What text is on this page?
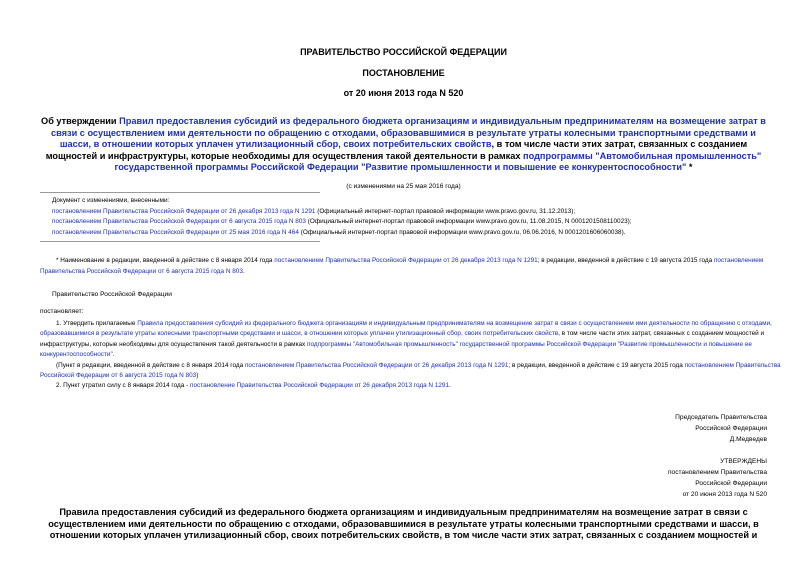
ПРАВИТЕЛЬСТВО РОССИЙСКОЙ ФЕДЕРАЦИИ
ПОСТАНОВЛЕНИЕ
от 20 июня 2013 года N 520
Об утверждении Правил предоставления субсидий из федерального бюджета организациям и индивидуальным предпринимателям на возмещение затрат в связи с осуществлением ими деятельности по обращению с отходами, образовавшимися в результате утраты колесными транспортными средствами и шасси, в отношении которых уплачен утилизационный сбор, своих потребительских свойств, в том числе части этих затрат, связанных с созданием мощностей и инфраструктуры, которые необходимы для осуществления такой деятельности в рамках подпрограммы "Автомобильная промышленность" государственной программы Российской Федерации "Развитие промышленности и повышение ее конкурентоспособности" *
(с изменениями на 25 мая 2016 года)
Документ с изменениями, внесенными:
постановлением Правительства Российской Федерации от 26 декабря 2013 года N 1291 (Официальный интернет-портал правовой информации www.pravo.gov.ru, 31.12.2013);
постановлением Правительства Российской Федерации от 6 августа 2015 года N 803 (Официальный интернет-портал правовой информации www.pravo.gov.ru, 11.08.2015, N 0001201508110023);
постановлением Правительства Российской Федерации от 25 мая 2016 года N 464 (Официальный интернет-портал правовой информации www.pravo.gov.ru, 06.06.2016, N 0001201606060038).
* Наименование в редакции, введенной в действие с 8 января 2014 года постановлением Правительства Российской Федерации от 26 декабря 2013 года N 1291; в редакции, введенной в действие с 19 августа 2015 года постановлением Правительства Российской Федерации от 6 августа 2015 года N 803.
Правительство Российской Федерации
постановляет:
1. Утвердить прилагаемые Правила предоставления субсидий из федерального бюджета организациям и индивидуальным предпринимателям на возмещение затрат в связи с осуществлением ими деятельности по обращению с отходами, образовавшимися в результате утраты колесными транспортными средствами и шасси, в отношении которых уплачен утилизационный сбор, своих потребительских свойств, в том числе части этих затрат, связанных с созданием мощностей и инфраструктуры, которые необходимы для осуществления такой деятельности в рамках подпрограммы "Автомобильная промышленность" государственной программы Российской Федерации "Развитие промышленности и повышение ее конкурентоспособности".
(Пункт в редакции, введенной в действие с 8 января 2014 года постановлением Правительства Российской Федерации от 26 декабря 2013 года N 1291; в редакции, введенной в действие с 19 августа 2015 года постановлением Правительства Российской Федерации от 6 августа 2015 года N 803)
2. Пункт утратил силу с 8 января 2014 года - постановление Правительства Российской Федерации от 26 декабря 2013 года N 1291.
Председатель Правительства
Российской Федерации
Д.Медведев
УТВЕРЖДЕНЫ
постановлением Правительства
Российской Федерации
от 20 июня 2013 года N 520
Правила предоставления субсидий из федерального бюджета организациям и индивидуальным предпринимателям на возмещение затрат в связи с осуществлением ими деятельности по обращению с отходами, образовавшимися в результате утраты колесными транспортными средствами и шасси, в отношении которых уплачен утилизационный сбор, своих потребительских свойств, в том числе части этих затрат, связанных с созданием мощностей и
